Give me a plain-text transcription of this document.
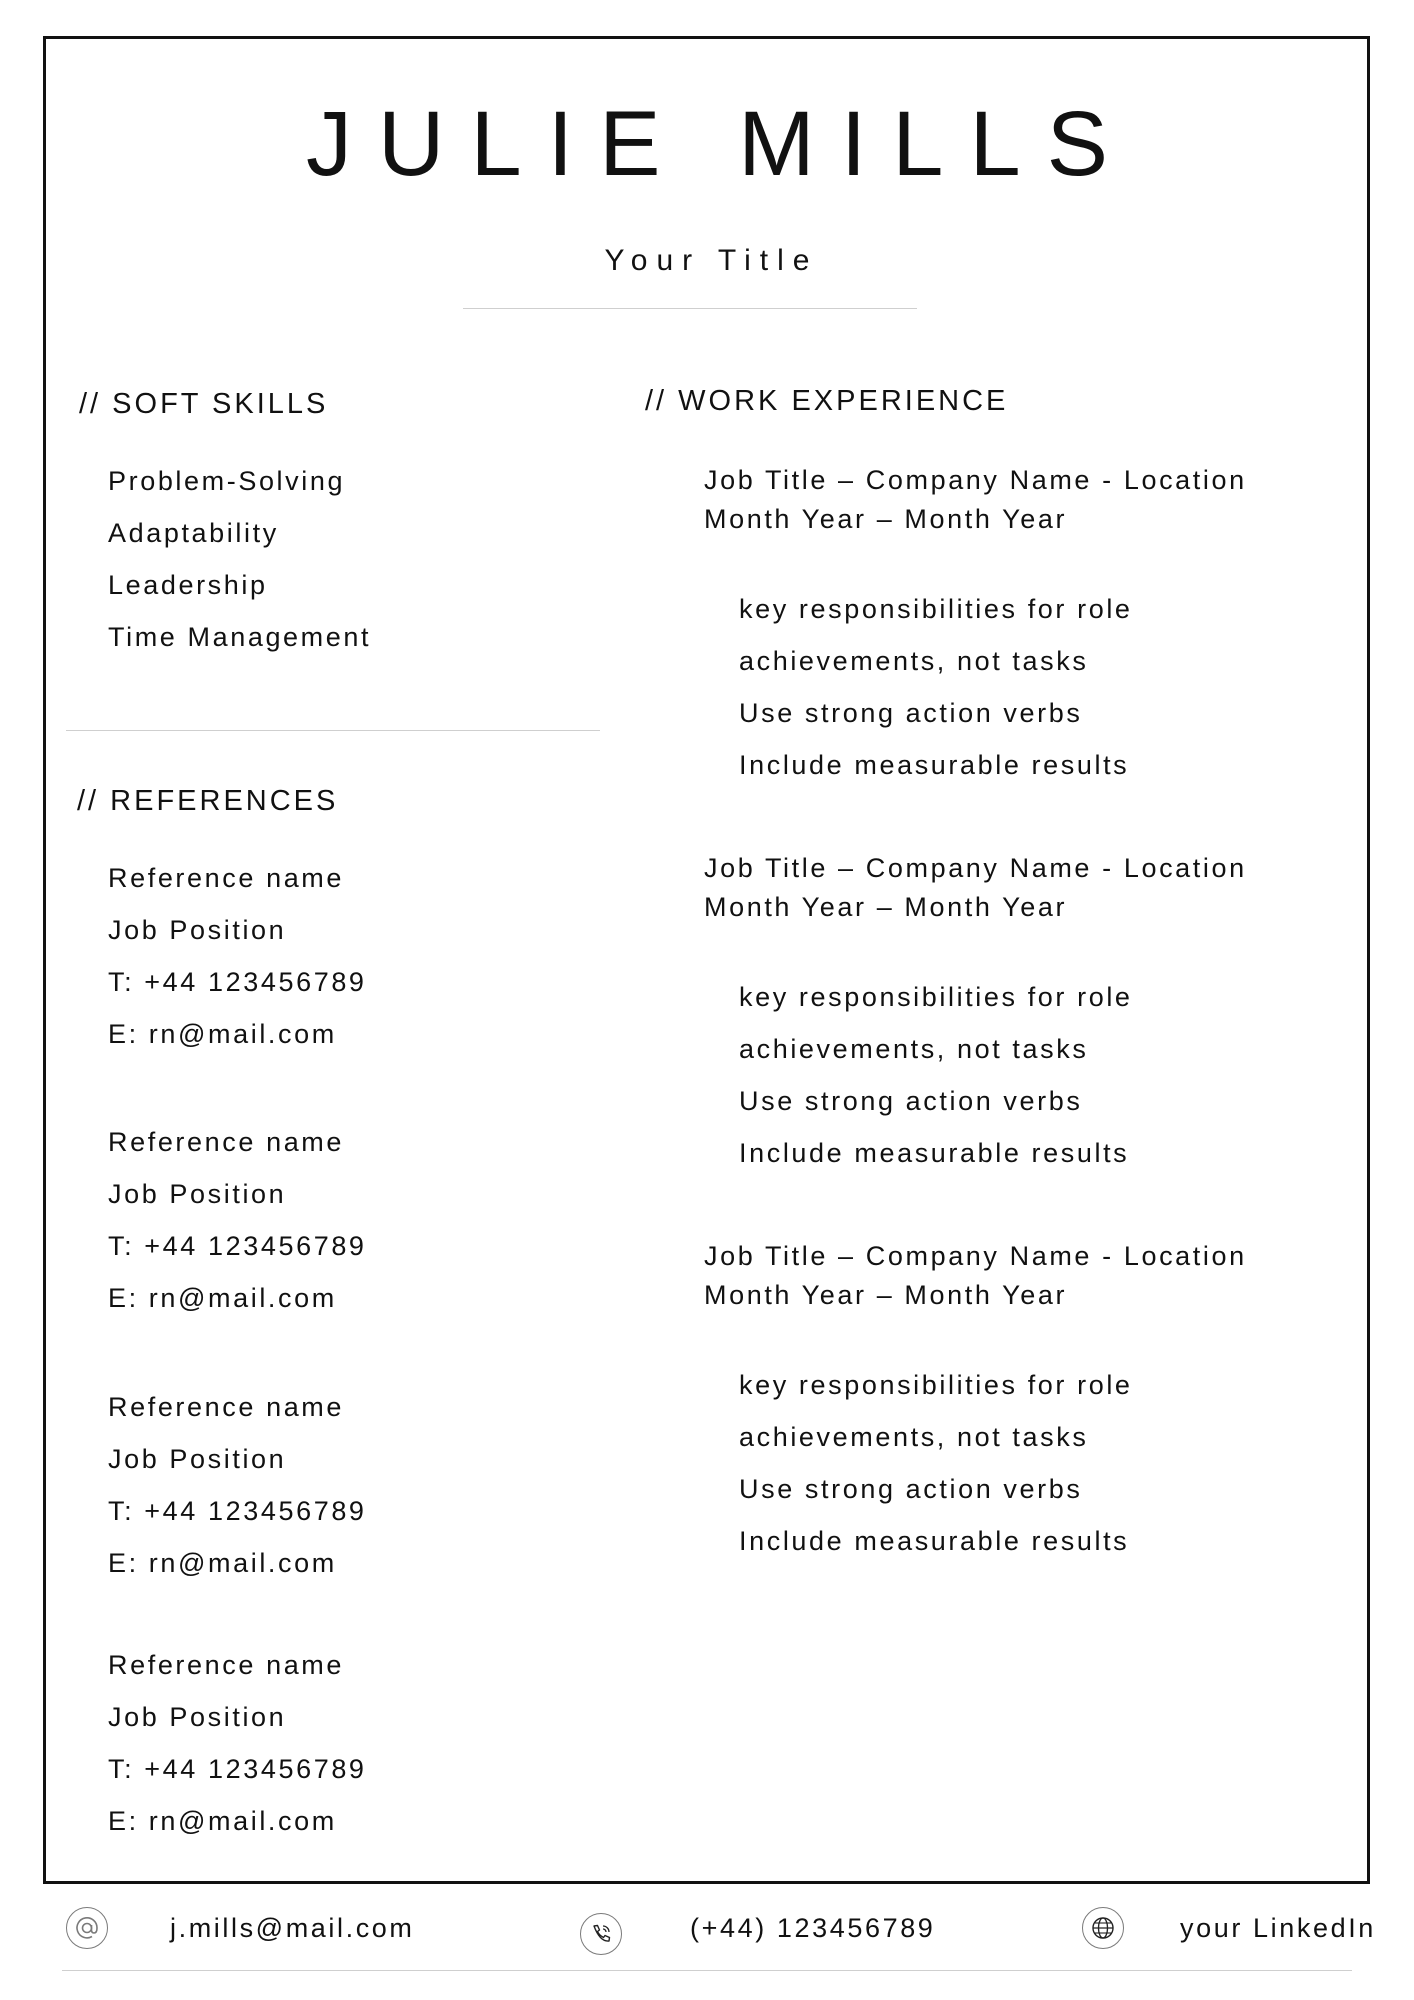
JULIE MILLS
Your Title
// SOFT SKILLS
Problem-Solving
Adaptability
Leadership
Time Management
// REFERENCES
Reference name
Job Position
T: +44 123456789
E: rn@mail.com
Reference name
Job Position
T: +44 123456789
E: rn@mail.com
Reference name
Job Position
T: +44 123456789
E: rn@mail.com
Reference name
Job Position
T: +44 123456789
E: rn@mail.com
// WORK EXPERIENCE
Job Title – Company Name - Location
Month Year – Month Year
key responsibilities for role
achievements, not tasks
Use strong action verbs
Include measurable results
Job Title – Company Name - Location
Month Year – Month Year
key responsibilities for role
achievements, not tasks
Use strong action verbs
Include measurable results
Job Title – Company Name - Location
Month Year – Month Year
key responsibilities for role
achievements, not tasks
Use strong action verbs
Include measurable results
j.mills@mail.com	(+44) 123456789	your LinkedIn
